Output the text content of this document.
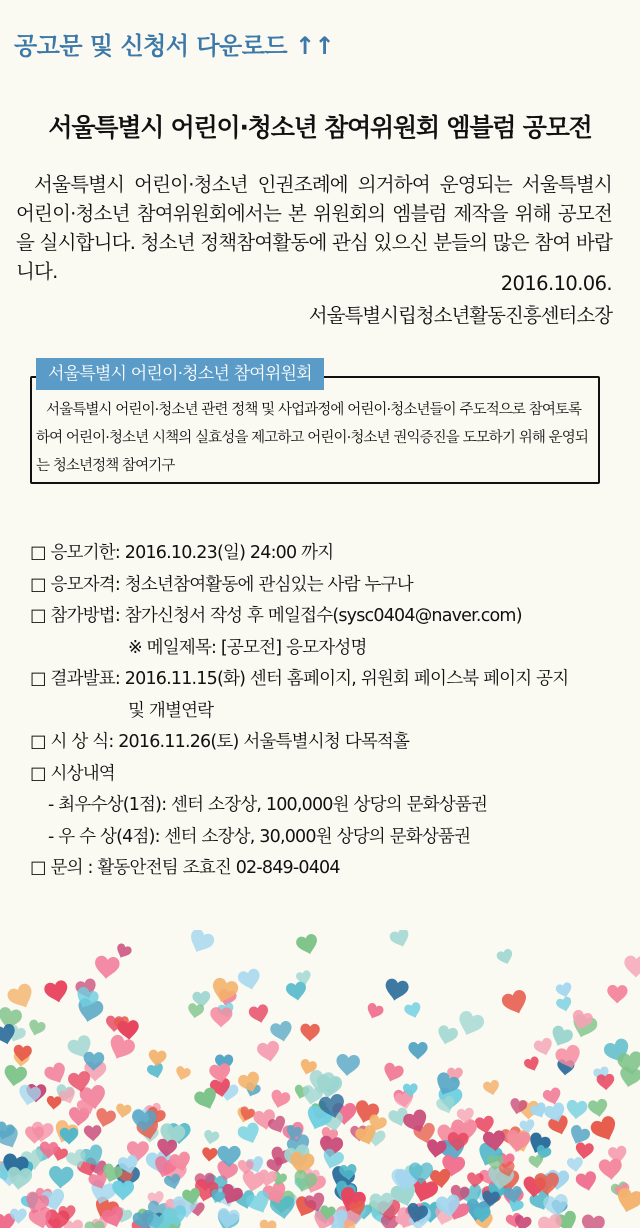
공고문 및 신청서 다운로드 ↑↑
서울특별시 어린이·청소년 참여위원회 엠블럼 공모전

서울특별시 어린이·청소년 인권조례에 의거하여 운영되는 서울특별시 어린이·청소년 참여위원회에서는 본 위원회의 엠블럼 제작을 위해 공모전을 실시합니다. 청소년 정책참여활동에 관심 있으신 분들의 많은 참여 바랍니다.

2016.10.06.
서울특별시립청소년활동진흥센터소장
서울특별시 어린이·청소년 참여위원회

서울특별시 어린이·청소년 관련 정책 및 사업과정에 어린이·청소년들이 주도적으로 참여토록 하여 어린이·청소년 시책의 실효성을 제고하고 어린이·청소년 권익증진을 도모하기 위해 운영되는 청소년정책 참여기구

□ 응모기한: 2016.10.23(일) 24:00 까지
□ 응모자격: 청소년참여활동에 관심있는 사람 누구나
□ 참가방법: 참가신청서 작성 후 메일접수(sysc0404@naver.com)
※ 메일제목: [공모전] 응모자성명
□ 결과발표: 2016.11.15(화) 센터 홈페이지, 위원회 페이스북 페이지 공지
및 개별연락
□ 시 상 식: 2016.11.26(토) 서울특별시청 다목적홀
□ 시상내역
- 최우수상(1점): 센터 소장상, 100,000원 상당의 문화상품권
- 우 수 상(4점): 센터 소장상, 30,000원 상당의 문화상품권
□ 문의 : 활동안전팀 조효진 02-849-0404
